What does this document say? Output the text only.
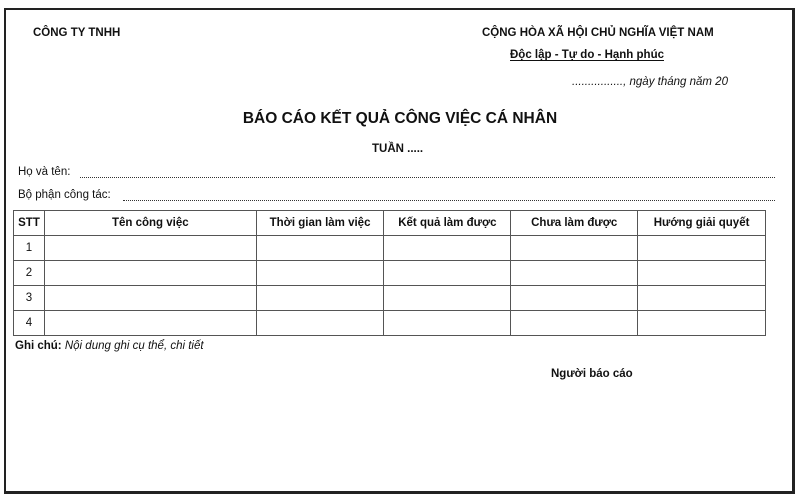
CÔNG TY TNHH	CỘNG HÒA XÃ HỘI CHỦ NGHĨA VIỆT NAM
Độc lập - Tự do - Hạnh phúc
................, ngày tháng năm 20
BÁO CÁO KẾT QUẢ CÔNG VIỆC CÁ NHÂN
TUẦN .....
Họ và tên:
Bộ phận công tác:
STT	Tên công việc	Thời gian làm việc	Kết quả làm được	Chưa làm được	Hướng giải quyết
1					
2					
3					
4					
Ghi chú: Nội dung ghi cụ thể, chi tiết
Người báo cáo
